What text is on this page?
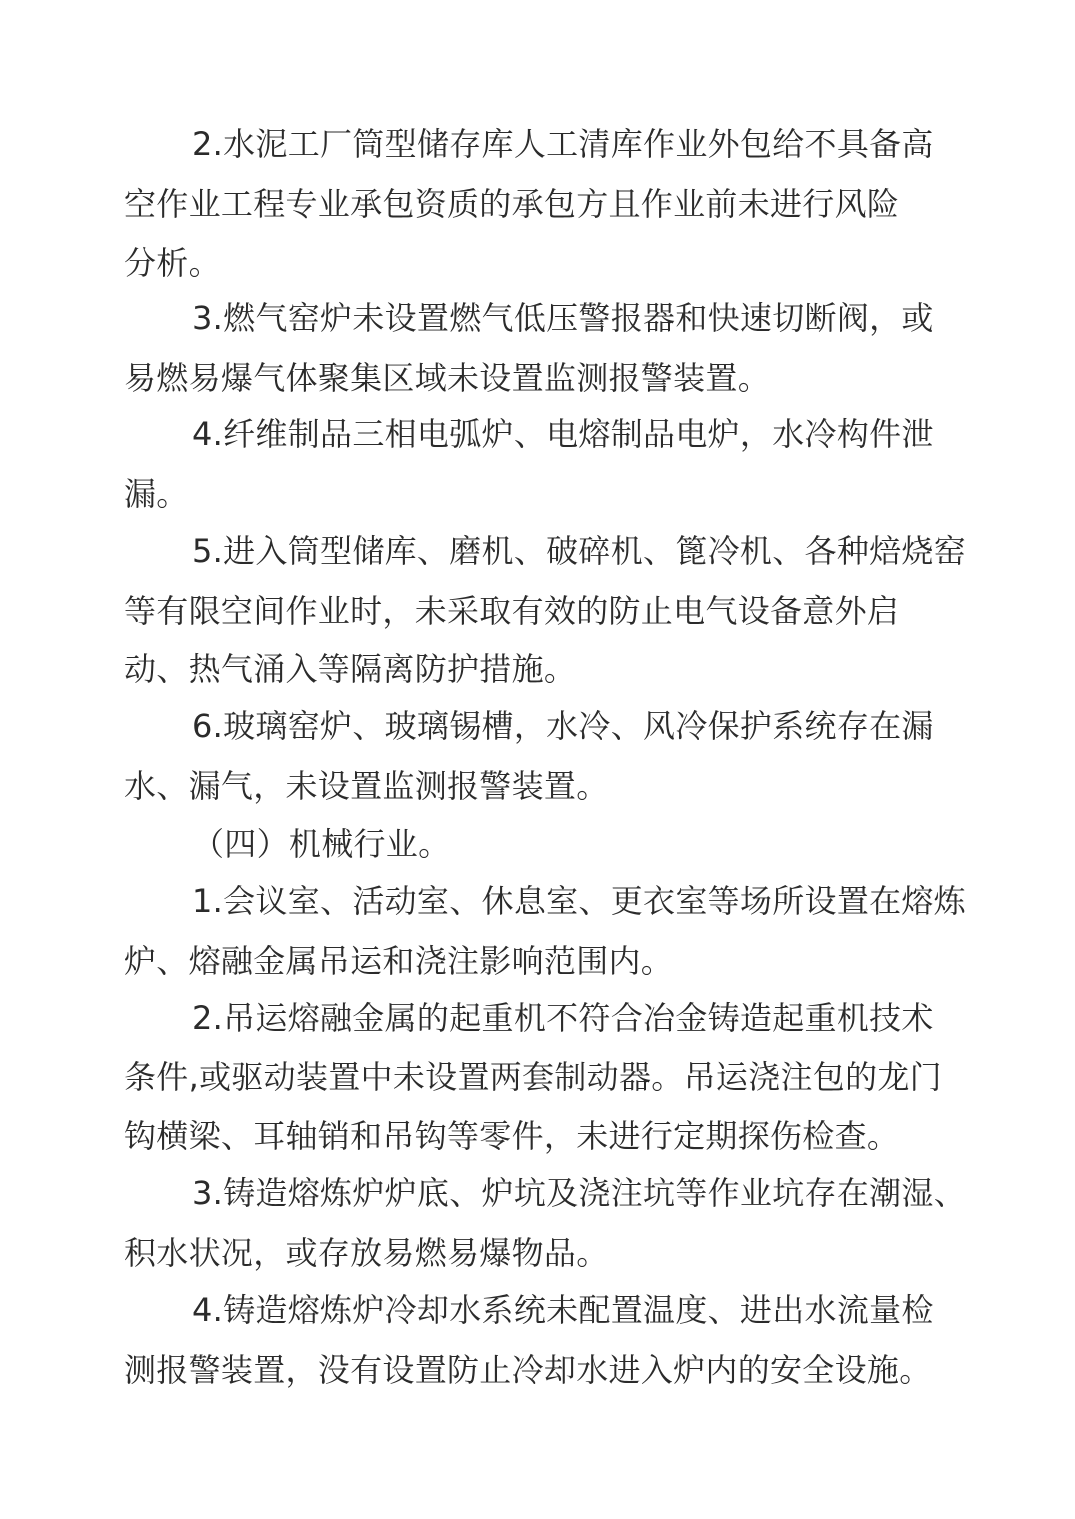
2.水泥工厂筒型储存库人工清库作业外包给不具备高
空作业工程专业承包资质的承包方且作业前未进行风险
分析。
3.燃气窑炉未设置燃气低压警报器和快速切断阀，或
易燃易爆气体聚集区域未设置监测报警装置。
4.纤维制品三相电弧炉、电熔制品电炉，水冷构件泄
漏。
5.进入筒型储库、磨机、破碎机、篦冷机、各种焙烧窑
等有限空间作业时，未采取有效的防止电气设备意外启
动、热气涌入等隔离防护措施。
6.玻璃窑炉、玻璃锡槽，水冷、风冷保护系统存在漏
水、漏气，未设置监测报警装置。
（四）机械行业。
1.会议室、活动室、休息室、更衣室等场所设置在熔炼
炉、熔融金属吊运和浇注影响范围内。
2.吊运熔融金属的起重机不符合冶金铸造起重机技术
条件,或驱动装置中未设置两套制动器。吊运浇注包的龙门
钩横梁、耳轴销和吊钩等零件，未进行定期探伤检查。
3.铸造熔炼炉炉底、炉坑及浇注坑等作业坑存在潮湿、
积水状况，或存放易燃易爆物品。
4.铸造熔炼炉冷却水系统未配置温度、进出水流量检
测报警装置，没有设置防止冷却水进入炉内的安全设施。
